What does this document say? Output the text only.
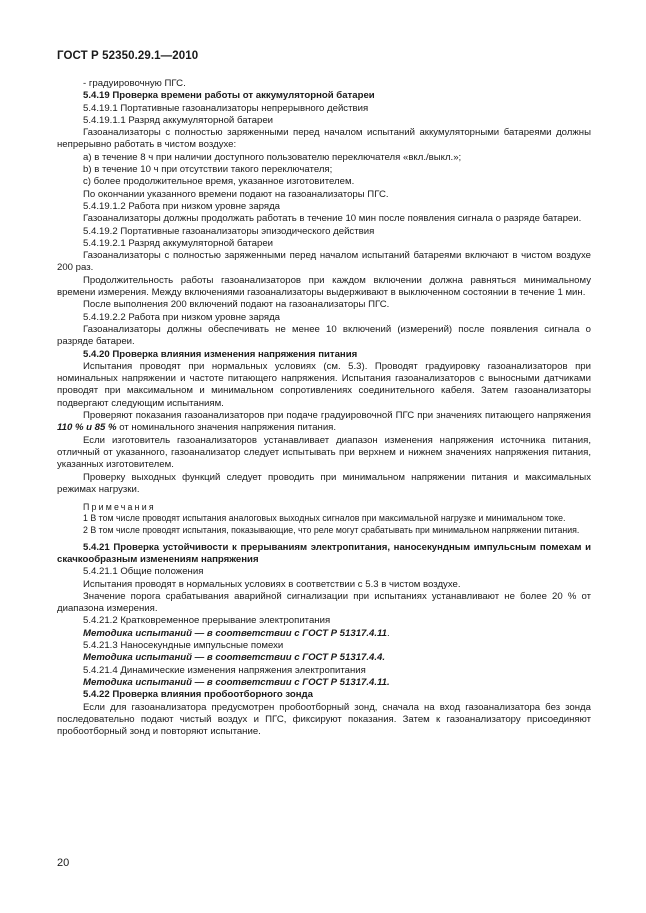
ГОСТ Р 52350.29.1—2010

- градуировочную ПГС.

5.4.19 Проверка времени работы от аккумуляторной батареи

5.4.19.1 Портативные газоанализаторы непрерывного действия

5.4.19.1.1 Разряд аккумуляторной батареи

Газоанализаторы с полностью заряженными перед началом испытаний аккумуляторными батареями должны непрерывно работать в чистом воздухе:

a) в течение 8 ч при наличии доступного пользователю переключателя «вкл./выкл.»;

b) в течение 10 ч при отсутствии такого переключателя;

c) более продолжительное время, указанное изготовителем.

По окончании указанного времени подают на газоанализаторы ПГС.

5.4.19.1.2 Работа при низком уровне заряда

Газоанализаторы должны продолжать работать в течение 10 мин после появления сигнала о разряде батареи.

5.4.19.2 Портативные газоанализаторы эпизодического действия

5.4.19.2.1 Разряд аккумуляторной батареи

Газоанализаторы с полностью заряженными перед началом испытаний батареями включают в чистом воздухе 200 раз.

Продолжительность работы газоанализаторов при каждом включении должна равняться минимальному времени измерения. Между включениями газоанализаторы выдерживают в выключенном состоянии в течение 1 мин.

После выполнения 200 включений подают на газоанализаторы ПГС.

5.4.19.2.2 Работа при низком уровне заряда

Газоанализаторы должны обеспечивать не менее 10 включений (измерений) после появления сигнала о разряде батареи.

5.4.20 Проверка влияния изменения напряжения питания

Испытания проводят при нормальных условиях (см. 5.3). Проводят градуировку газоанализаторов при номинальных напряжении и частоте питающего напряжения. Испытания газоанализаторов с выносными датчиками проводят при максимальном и минимальном сопротивлениях соединительного кабеля. Затем газоанализаторы подвергают следующим испытаниям.

Проверяют показания газоанализаторов при подаче градуировочной ПГС при значениях питающего напряжения 110 % и 85 % от номинального значения напряжения питания.

Если изготовитель газоанализаторов устанавливает диапазон изменения напряжения источника питания, отличный от указанного, газоанализатор следует испытывать при верхнем и нижнем значениях напряжения питания, указанных изготовителем.

Проверку выходных функций следует проводить при минимальном напряжении питания и максимальных режимах нагрузки.

Примечания

1 В том числе проводят испытания аналоговых выходных сигналов при максимальной нагрузке и минимальном токе.

2 В том числе проводят испытания, показывающие, что реле могут срабатывать при минимальном напряжении питания.

5.4.21 Проверка устойчивости к прерываниям электропитания, наносекундным импульсным помехам и скачкообразным изменениям напряжения

5.4.21.1 Общие положения

Испытания проводят в нормальных условиях в соответствии с 5.3 в чистом воздухе.

Значение порога срабатывания аварийной сигнализации при испытаниях устанавливают не более 20 % от диапазона измерения.

5.4.21.2 Кратковременное прерывание электропитания

Методика испытаний — в соответствии с ГОСТ Р 51317.4.11.

5.4.21.3 Наносекундные импульсные помехи

Методика испытаний — в соответствии с ГОСТ Р 51317.4.4.

5.4.21.4 Динамические изменения напряжения электропитания

Методика испытаний — в соответствии с ГОСТ Р 51317.4.11.

5.4.22 Проверка влияния пробоотборного зонда

Если для газоанализатора предусмотрен пробоотборный зонд, сначала на вход газоанализатора без зонда последовательно подают чистый воздух и ПГС, фиксируют показания. Затем к газоанализатору присоединяют пробоотборный зонд и повторяют испытание.

20
